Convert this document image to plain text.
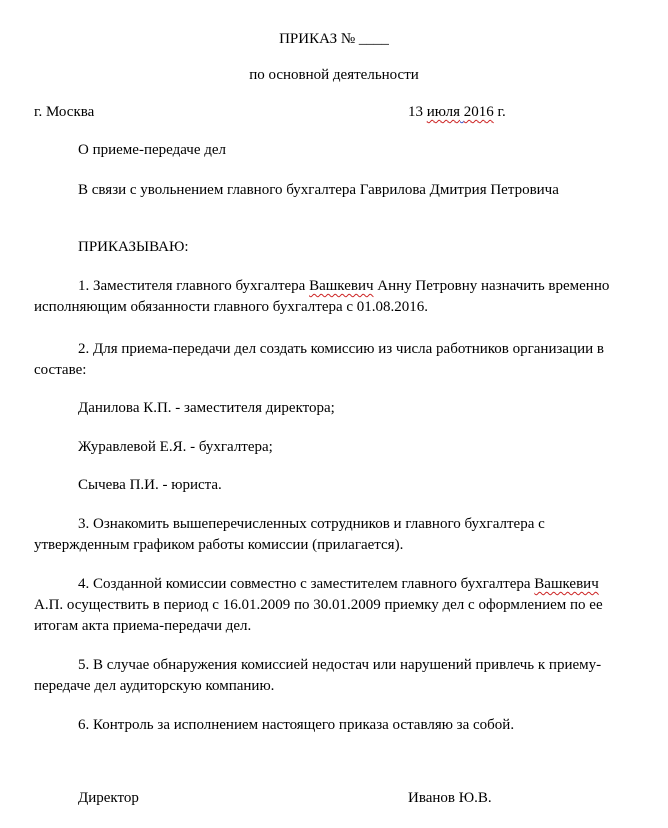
ПРИКАЗ № ____
по основной деятельности
г. Москва	13 июля 2016 г.
О приеме-передаче дел
В связи с увольнением главного бухгалтера Гаврилова Дмитрия Петровича
ПРИКАЗЫВАЮ:
1. Заместителя главного бухгалтера Вашкевич Анну Петровну назначить временно
исполняющим обязанности главного бухгалтера с 01.08.2016.
2. Для приема-передачи дел создать комиссию из числа работников организации в
составе:
Данилова К.П. - заместителя директора;
Журавлевой Е.Я. - бухгалтера;
Сычева П.И. - юриста.
3. Ознакомить вышеперечисленных сотрудников и главного бухгалтера с
утвержденным графиком работы комиссии (прилагается).
4. Созданной комиссии совместно с заместителем главного бухгалтера Вашкевич
А.П. осуществить в период с 16.01.2009 по 30.01.2009 приемку дел с оформлением по ее
итогам акта приема-передачи дел.
5. В случае обнаружения комиссией недостач или нарушений привлечь к приему-
передаче дел аудиторскую компанию.
6. Контроль за исполнением настоящего приказа оставляю за собой.
Директор	Иванов Ю.В.
